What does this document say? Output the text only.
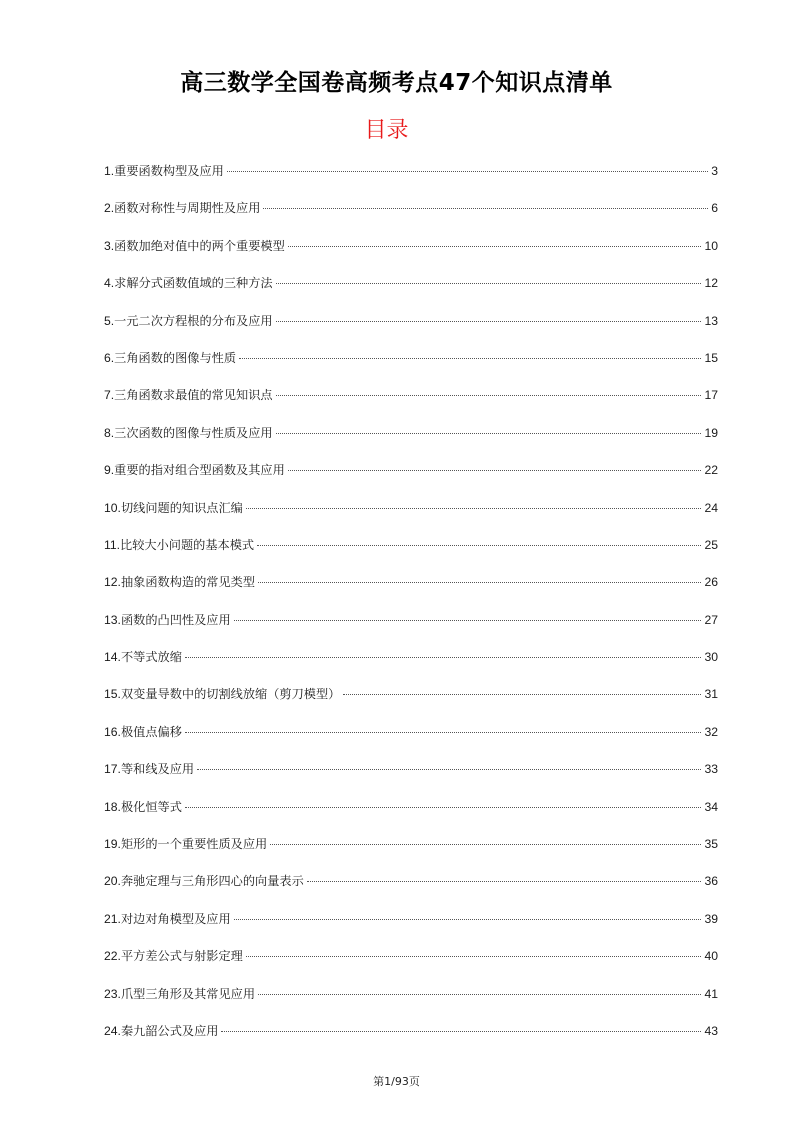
高三数学全国卷高频考点47个知识点清单
目录
1. 重要函数构型及应用	3
2. 函数对称性与周期性及应用	6
3. 函数加绝对值中的两个重要模型	10
4. 求解分式函数值域的三种方法	12
5. 一元二次方程根的分布及应用	13
6. 三角函数的图像与性质	15
7. 三角函数求最值的常见知识点	17
8. 三次函数的图像与性质及应用	19
9. 重要的指对组合型函数及其应用	22
10. 切线问题的知识点汇编	24
11. 比较大小问题的基本模式	25
12. 抽象函数构造的常见类型	26
13. 函数的凸凹性及应用	27
14. 不等式放缩	30
15. 双变量导数中的切割线放缩（剪刀模型）	31
16. 极值点偏移	32
17. 等和线及应用	33
18. 极化恒等式	34
19. 矩形的一个重要性质及应用	35
20. 奔驰定理与三角形四心的向量表示	36
21. 对边对角模型及应用	39
22. 平方差公式与射影定理	40
23. 爪型三角形及其常见应用	41
24. 秦九韶公式及应用	43
第1/93页
